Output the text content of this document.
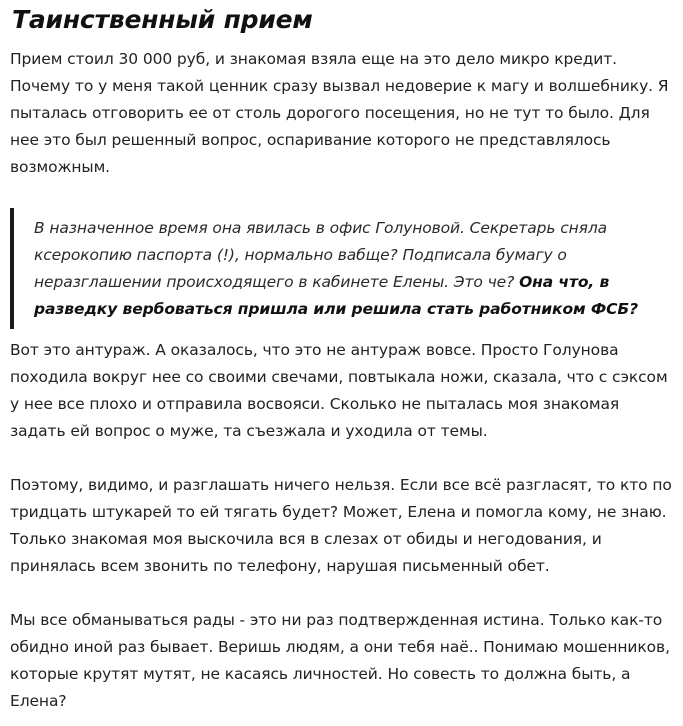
Таинственный прием

Прием стоил 30 000 руб, и знакомая взяла еще на это дело микро кредит. Почему то у меня такой ценник сразу вызвал недоверие к магу и волшебнику. Я пыталась отговорить ее от столь дорогого посещения, но не тут то было. Для нее это был решенный вопрос, оспаривание которого не представлялось возможным.

В назначенное время она явилась в офис Голуновой. Секретарь сняла ксерокопию паспорта (!), нормально вабще? Подписала бумагу о неразглашении происходящего в кабинете Елены. Это че? Она что, в разведку вербоваться пришла или решила стать работником ФСБ?

Вот это антураж. А оказалось, что это не антураж вовсе. Просто Голунова походила вокруг нее со своими свечами, повтыкала ножи, сказала, что с сэксом у нее все плохо и отправила восвояси. Сколько не пыталась моя знакомая задать ей вопрос о муже, та съезжала и уходила от темы.

Поэтому, видимо, и разглашать ничего нельзя. Если все всё разгласят, то кто по тридцать штукарей то ей тягать будет? Может, Елена и помогла кому, не знаю. Только знакомая моя выскочила вся в слезах от обиды и негодования, и принялась всем звонить по телефону, нарушая письменный обет.

Мы все обманываться рады - это ни раз подтвержденная истина. Только как-то обидно иной раз бывает. Веришь людям, а они тебя наё.. Понимаю мошенников, которые крутят мутят, не касаясь личностей. Но совесть то должна быть, а Елена?
